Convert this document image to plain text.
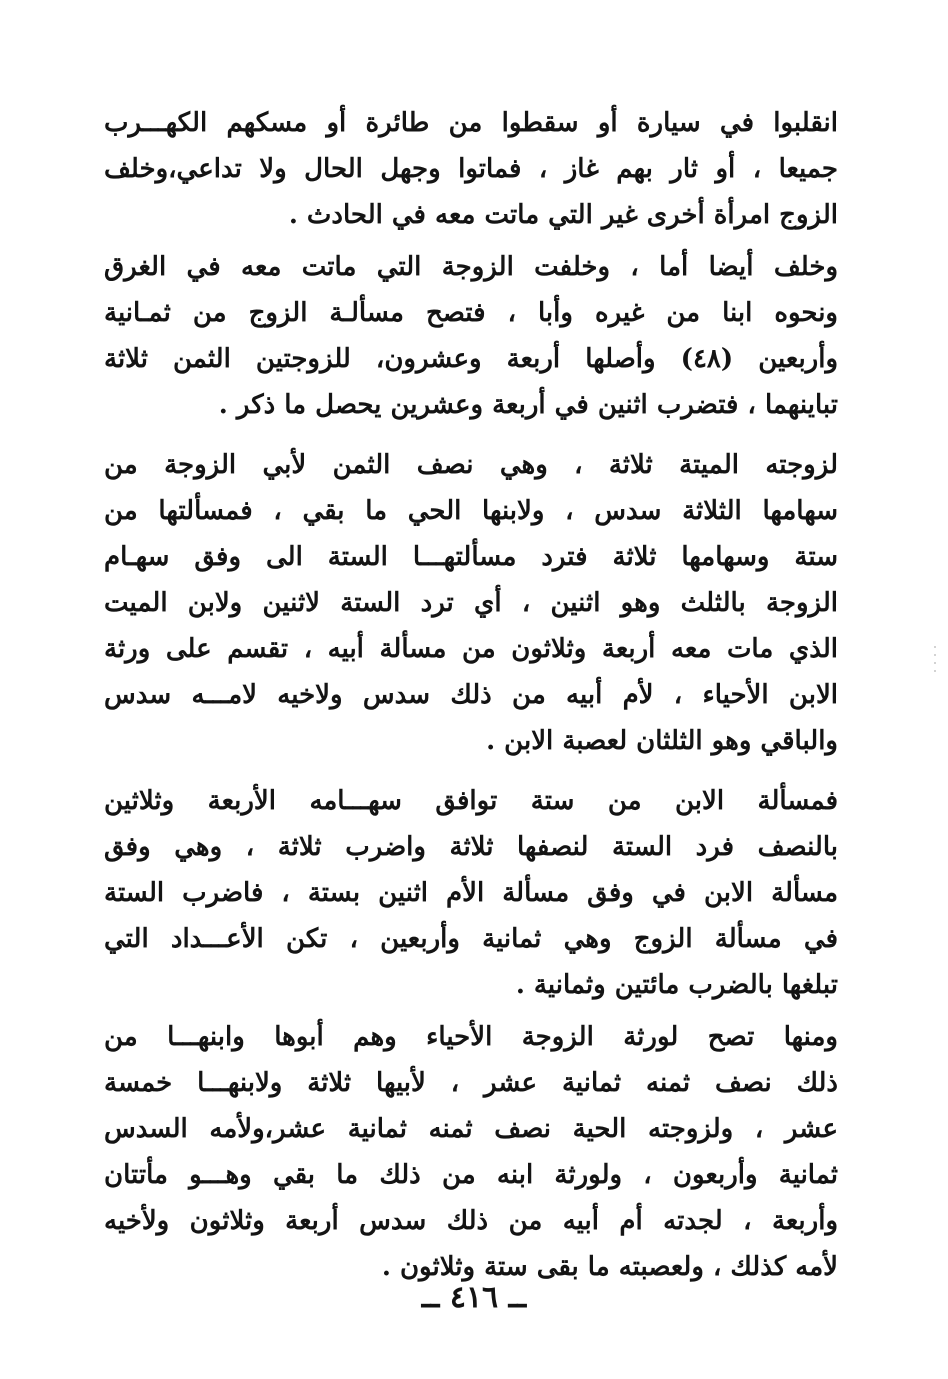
انقلبوا في سيارة أو سقطوا من طائرة أو مسكهم الكهـــرب
جميعا ، أو ثار بهم غاز ، فماتوا وجهل الحال ولا تداعي،وخلف
الزوج امرأة أخرى غير التي ماتت معه في الحادث .
وخلف أيضا أما ، وخلفت الزوجة التي ماتت معه في الغرق
ونحوه ابنا من غيره وأبا ، فتصح مسألـة الزوج من ثمـانية
وأربعين (٤٨) وأصلها أربعة وعشرون، للزوجتين الثمن ثلاثة
تباينهما ، فتضرب اثنين في أربعة وعشرين يحصل ما ذكر .
لزوجته الميتة ثلاثة ، وهي نصف الثمن لأبي الزوجة من
سهامها الثلاثة سدس ، ولابنها الحي ما بقي ، فمسألتها من
ستة وسهامها ثلاثة فترد مسألتهـــا الستة الى وفق سهـام
الزوجة بالثلث وهو اثنين ، أي ترد الستة لاثنين ولابن الميت
الذي مات معه أربعة وثلاثون من مسألة أبيه ، تقسم على ورثة
الابن الأحياء ، لأم أبيه من ذلك سدس ولاخيه لامـــه سدس
والباقي وهو الثلثان لعصبة الابن .
فمسألة الابن من ستة توافق سهـــامه الأربعة وثلاثين
بالنصف فرد الستة لنصفها ثلاثة واضرب ثلاثة ، وهي وفق
مسألة الابن في وفق مسألة الأم اثنين بستة ، فاضرب الستة
في مسألة الزوج وهي ثمانية وأربعين ، تكن الأعـــداد التي
تبلغها بالضرب مائتين وثمانية .
ومنها تصح لورثة الزوجة الأحياء وهم أبوها وابنهـــا من
ذلك نصف ثمنه ثمانية عشر ، لأبيها ثلاثة ولابنهـــا خمسة
عشر ، ولزوجته الحية نصف ثمنه ثمانية عشر،ولأمه السدس
ثمانية وأربعون ، ولورثة ابنه من ذلك ما بقي وهـــو مأتتان
وأربعة ، لجدته أم أبيه من ذلك سدس أربعة وثلاثون ولأخيه
لأمه كذلك ، ولعصبته ما بقى ستة وثلاثون .
ــ ٤١٦ ــ
